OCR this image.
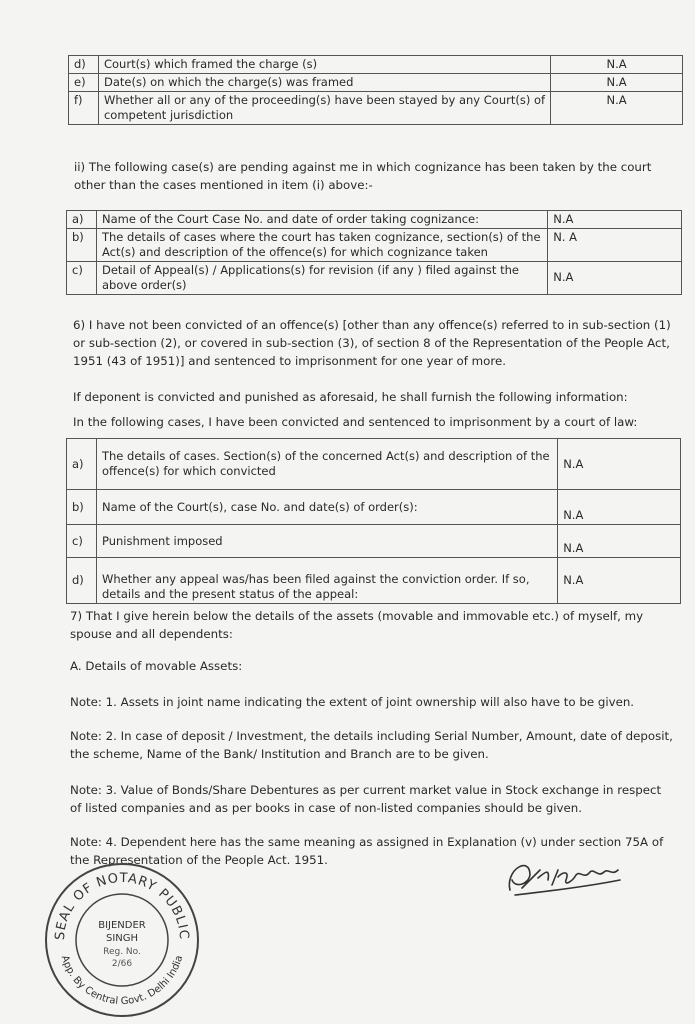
d)	Court(s) which framed the charge (s)	N.A
e)	Date(s) on which the charge(s) was framed	N.A
f)	Whether all or any of the proceeding(s) have been stayed by any Court(s) of competent jurisdiction	N.A

ii) The following case(s) are pending against me in which cognizance has been taken by the court other than the cases mentioned in item (i) above:-

a)	Name of the Court Case No. and date of order taking cognizance:	N.A
b)	The details of cases where the court has taken cognizance, section(s) of the Act(s) and description of the offence(s) for which cognizance taken	N. A
c)	Detail of Appeal(s) / Applications(s) for revision (if any ) filed against the above order(s)	N.A

6) I have not been convicted of an offence(s) [other than any offence(s) referred to in sub-section (1) or sub-section (2), or covered in sub-section (3), of section 8 of the Representation of the People Act, 1951 (43 of 1951)] and sentenced to imprisonment for one year of more.

If deponent is convicted and punished as aforesaid, he shall furnish the following information:

In the following cases, I have been convicted and sentenced to imprisonment by a court of law:

a)	The details of cases. Section(s) of the concerned Act(s) and description of the offence(s) for which convicted	N.A
b)	Name of the Court(s), case No. and date(s) of order(s):	N.A
c)	Punishment imposed	N.A
d)	Whether any appeal was/has been filed against the conviction order. If so, details and the present status of the appeal:	N.A

7) That I give herein below the details of the assets (movable and immovable etc.) of myself, my spouse and all dependents:

A. Details of movable Assets:

Note: 1. Assets in joint name indicating the extent of joint ownership will also have to be given.

Note: 2. In case of deposit / Investment, the details including Serial Number, Amount, date of deposit, the scheme, Name of the Bank/ Institution and Branch are to be given.

Note: 3. Value of Bonds/Share Debentures as per current market value in Stock exchange in respect of listed companies and as per books in case of non-listed companies should be given.

Note: 4. Dependent here has the same meaning as assigned in Explanation (v) under section 75A of the Representation of the People Act. 1951.

SEAL OF NOTARY PUBLIC
App. By Central Govt. Delhi India
BIJENDER
SINGH
Reg. No.
2/66
